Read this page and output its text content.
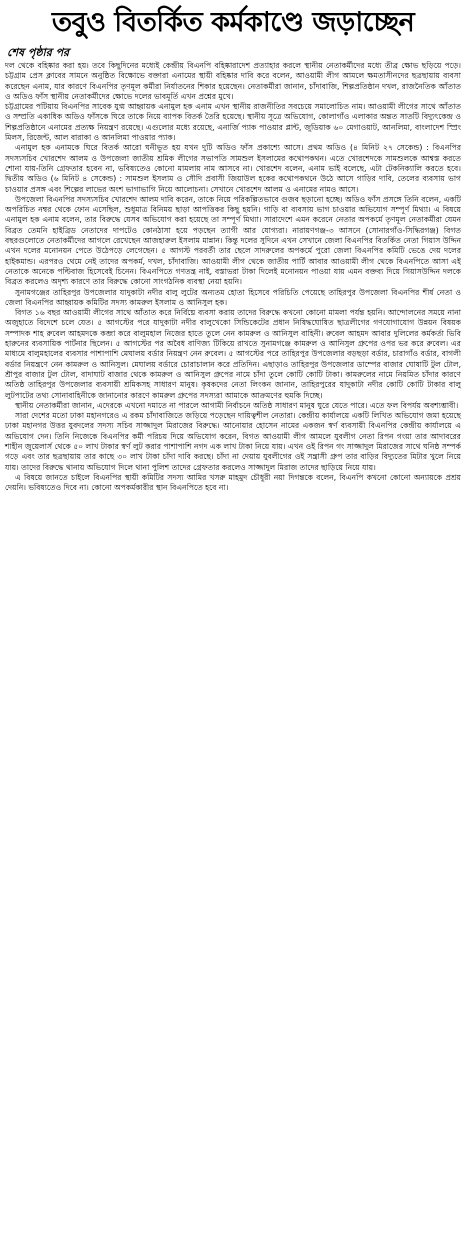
তবুও বিতর্কিত কর্মকাণ্ডে জড়াচ্ছেন
শেষ পৃষ্ঠার পর

দল থেকে বহিষ্কার করা হয়। তবে কিছুদিনের মধ্যেই কেন্দ্রীয় বিএনপি বহিষ্কারাদেশ প্রত্যাহার করলে স্থানীয় নেতাকর্মীদের মধ্যে তীব্র ক্ষোভ ছড়িয়ে পড়ে। চট্টগ্রাম প্রেস ক্লাবের সামনে অনুষ্ঠিত বিক্ষোভে বক্তারা এনামের স্থায়ী বহিষ্কার দাবি করে বলেন, আওয়ামী লীগ আমলে ক্ষমতাসীনদের ছত্রছায়ায় ব্যবসা করেছেন এনাম, যার কারণে বিএনপির তৃণমূল কর্মীরা নির্যাতনের শিকার হয়েছেন। নেতাকর্মীরা জানান, চাঁদাবাজি, শিল্পপ্রতিষ্ঠান দখল, রাজনৈতিক আঁতাত ও অডিও ফাঁস স্থানীয় নেতাকর্মীদের ক্ষোভে দলের ভাবমূর্তি এখন প্রশ্নের মুখে।

চট্টগ্রামের পটিয়ায় বিএনপির সাবেক যুগ্ম আহ্বায়ক এনামুল হক এনাম এখন স্থানীয় রাজনীতির সবচেয়ে সমালোচিত নাম। আওয়ামী লীগের সাথে আঁতাত ও সম্প্রতি একাধিক অডিও ফাঁসকে ঘিরে তাকে নিয়ে ব্যাপক বিতর্ক তৈরি হয়েছে। স্থানীয় সূত্রে অভিযোগ, কোলাগাঁও এলাকার অন্তত সাতটি বিদ্যুৎকেন্দ্র ও শিল্পপ্রতিষ্ঠানে এনামের প্রত্যক্ষ নিয়ন্ত্রণ রয়েছে। এগুলোর মধ্যে রয়েছে, এনার্জি প্যাক পাওয়ার প্লান্ট, জুডিয়াক ৬০ মেগাওয়াট, আনলিমা, বাংলাদেশ স্প্রিং মিলস, রিজেন্ট, আল বারাকা ও আনলিমা পাওয়ার প্যাক।

এনামুল হক এনামকে ঘিরে বিতর্ক আরো ঘনীভূত হয় যখন দুটি অডিও ফাঁস প্রকাশ্যে আসে। প্রথম অডিও (৪ মিনিট ২৭ সেকেন্ড) : বিএনপির সদস্যসচিব খোরশেদ আলম ও উপজেলা জাতীয় শ্রমিক লীগের সভাপতি সামশুল ইসলামের কথোপকথন। এতে খোরশেদকে সামশুলকে আশ্বস্ত করতে শোনা যায়-তিনি গ্রেফতার হবেন না, ভবিষ্যতেও কোনো মামলায় নাম আসবে না। খোরশেদ বলেন, এনাম ভাই বলেছে, এটা টেকনিক্যালি করতে হবে। দ্বিতীয় অডিও (৬ মিনিট ৪ সেকেন্ড) : সামশুল ইসলাম ও সৌদি প্রবাসী জিয়াউল হকের কথোপকথনে উঠে আসে গাড়ির দাবি, তেলের ব্যবসায় ভাগ চাওয়ার প্রসঙ্গ এবং শিল্পের লাভের অংশ ভাগাভাগি নিয়ে আলোচনা। সেখানে খোরশেদ আলম ও এনামের নামও আসে।

উপজেলা বিএনপির সদস্যসচিব খোরশেদ আলম দাবি করেন, তাকে নিয়ে পরিকল্পিতভাবে গুজব ছড়ানো হচ্ছে। অডিও ফাঁস প্রসঙ্গে তিনি বলেন, একটি অপরিচিত নম্বর থেকে ফোন এসেছিল, শুধুমাত্র বিনিময় ছাড়া আপত্তিকর কিছু হয়নি। গাড়ি বা ব্যবসায় ভাগ চাওয়ার অভিযোগ সম্পূর্ণ মিথ্যা। এ বিষয়ে এনামুল হক এনাম বলেন, তার বিরুদ্ধে যেসব অভিযোগ করা হয়েছে তা সম্পূর্ণ মিথ্যা। সারাদেশে এমন করেনে নেতার অপকর্মে তৃণমূল নেতাকর্মীরা যেমন বিব্রত তেমনি হাইব্রিড নেতাদের দাপটেও কোনঠাসা হয়ে পড়ছেন ত্যাগী আর যোগ্যরা। নারায়ণগঞ্জ-৩ আসনে (সোনারগাঁও-সিদ্ধিরগঞ্জ) বিগত বছরগুলোতে নেতাকর্মীদের আগলে রেখেছেন আজহারুল ইসলাম মান্নান। কিন্তু দলের সুদিনে এখন সেখানে জেলা বিএনপির বিতর্কিত নেতা গিয়াস উদ্দিন এখন দলের মনোনয়ন পেতে উঠেপড়ে লেগেছেন। ৫ আগস্ট পরবর্তী তার ছেলে সাদরুলের অপকর্মে পুরো জেলা বিএনপির কমিটি ভেঙে দেয় দলের হাইকমান্ড। এরপরও থেমে নেই তাদের অপকর্ম, দখল, চাঁদাবাজি। আওয়ামী লীগ থেকে জাতীয় পার্টি আবার আওয়ামী লীগ থেকে বিএনপিতে আসা এই নেতাকে অনেকে পল্টিবাজ হিসেবেই চিনেন। বিএনপিতে গণতন্ত্র নাই, বস্তাভরা টাকা দিলেই মনোনয়ন পাওয়া যায় এমন বক্তব্য দিয়ে গিয়াসউদ্দিন দলকে বিব্রত করলেও অদৃশ্য কারণে তার বিরুদ্ধে কোনো সাংগঠনিক ব্যবস্থা নেয়া হয়নি।

সুনামগঞ্জের তাহিরপুর উপজেলার যাদুকাটা নদীর বালু লুটের অন্যতম হোতা হিসেবে পরিচিতি পেয়েছে তাহিরপুর উপজেলা বিএনপির শীর্ষ নেতা ও জেলা বিএনপির আহ্বায়ক কমিটির সদস্য কামরুল ইসলাম ও আনিসুল হক।

বিগত ১৬ বছর আওয়ামী লীগের সাথে আঁতাত করে নির্বিঘ্নে ব্যবসা করায় তাদের বিরুদ্ধে কখনো কোনো মামলা পর্যন্ত হয়নি। আন্দোলনের সময়ে নানা অজুহাতে বিদেশে চলে যেত। ৫ আগস্টের পরে যাদুকাটা নদীর বালুখেকো সিন্ডিকেটের প্রধান নিষিদ্ধঘোষিত ছাত্রলীগের গণযোগাযোগ উন্নয়ন বিষয়ক সম্পাদক শাহ রুবেল আহমদকে কব্জা করে বালুমহাল নিজের হাতে তুলে নেন কামরুল ও আনিসুল বাহিনী। রুবেল আহমদ আবার দুলিলের কর্মকর্তা ভিবি হারুনের ব্যবসায়িক পার্টনার ছিলেন। ৫ আগস্টের পর অবৈধ বাণিজ্য টিকিয়ে রাখতে সুনামগঞ্জে কামরুল ও আনিসুল গ্রুপের ওপর ভর করে রুবেল। এর মাধ্যমে বালুমহালের ব্যবসার পাশাপাশি মেঘালয় বর্ডার নিয়ন্ত্রণ নেন রুবেল। ৫ আগস্টের পরে তাহিরপুর উপজেলার বড়ছড়া বর্ডার, চারাগাঁও বর্ডার, বাগলী বর্ডার নিয়ন্ত্রণে নেন কামরুল ও আনিসুল। মেঘালয় বর্ডারে চোরাচালান করে প্রতিদিন। এছাড়াও তাহিরপুর উপজেলার ডাম্পের বাজার ঘোষাটি টুল টোল, শ্রীপুর বাজার টুল টোল, বাদাঘাট বাজার থেকে কামরুল ও আনিসুল গ্রুপের নামে চাঁদা তুলে কোটি কোটি টাকা। কামরুলের নামে নিয়মিত চাঁদার কারণে অতিষ্ঠ তাহিরপুর উপজেলার ব্যবসায়ী শ্রমিকসহ সাধারণ মানুষ। কৃষকদের নেতা লিংকন জানান, তাহিরপুরের যাদুকাটা নদীর কোটি কোটি টাকার বালু লুটপাটের তথ্য সোনাবাহিনীকে জানানোর কারণে কামরুল গ্রুপের সদস্যরা আমাকে আক্রমণের হুমকি দিচ্ছে।

স্থানীয় নেতাকর্মীরা জানান, এদেরকে এখনো দমাতে না পারলে আগামী নির্বাচনে অতিষ্ঠ সাধারণ মানুষ ঘুরে যেতে পারে। এতে ফল বিপর্যয় অবশ্যম্ভাবী।

সারা দেশের মতো ঢাকা মহানগরেও এ রকম চাঁদাবাজিতে জড়িয়ে পড়েছেন দায়িত্বশীল নেতারা। কেন্দ্রীয় কার্যালয়ে একটি লিখিত অভিযোগ জমা হয়েছে ঢাকা মহানগর উত্তর যুবদলের সদস্য সচিব সাজ্জাদুল মিরাজের বিরুদ্ধে। আনোয়ার হোসেন নামের একজন স্বর্ণ ব্যবসায়ী বিএনপির কেন্দ্রীয় কার্যালয়ে এ অভিযোগ দেন। তিনি নিজেকে বিএনপির কর্মী পরিচয় দিয়ে অভিযোগ করেন, বিগত আওয়ামী লীগ আমলে যুবলীগ নেতা রিপন গংয়া তার আদাবরের শাহীন জুয়েলার্স থেকে ৫০ লাখ টাকার স্বর্ণ লুট করার পাশাপাশি নগদ এক লাখ টাকা নিয়ে যায়। এখন ওই রিপন গং সাজ্জাদুল মিরাজের সাথে ঘনিষ্ঠ সম্পর্ক গড়ে এবং তার ছত্রছায়ায় তার কাছে ৩০ লাখ টাকা চাঁদা দাবি করছে। চাঁদা না দেয়ায় যুবলীগের ওই সন্ত্রাসী গ্রুপ তার বাড়ির বিদ্যুতের মিটার খুলে নিয়ে যায়। তাদের বিরুদ্ধে থানায় অভিযোগ দিলে থানা পুলিশ তাদের গ্রেফতার করলেও সাজ্জাদুল মিরাজ তাদের ছাড়িয়ে নিয়ে যায়।

এ বিষয়ে জানতে চাইলে বিএনপির স্থায়ী কমিটির সদস্য আমির খসরু মাহমুদ চৌধুরী নয়া দিগন্তকে বলেন, বিএনপি কখনো কোনো অন্যায়কে প্রশ্রয় দেয়নি। ভবিষ্যতেও দিবে না। কোনো অপকর্মকারীর স্থান বিএনপিতে হবে না।
